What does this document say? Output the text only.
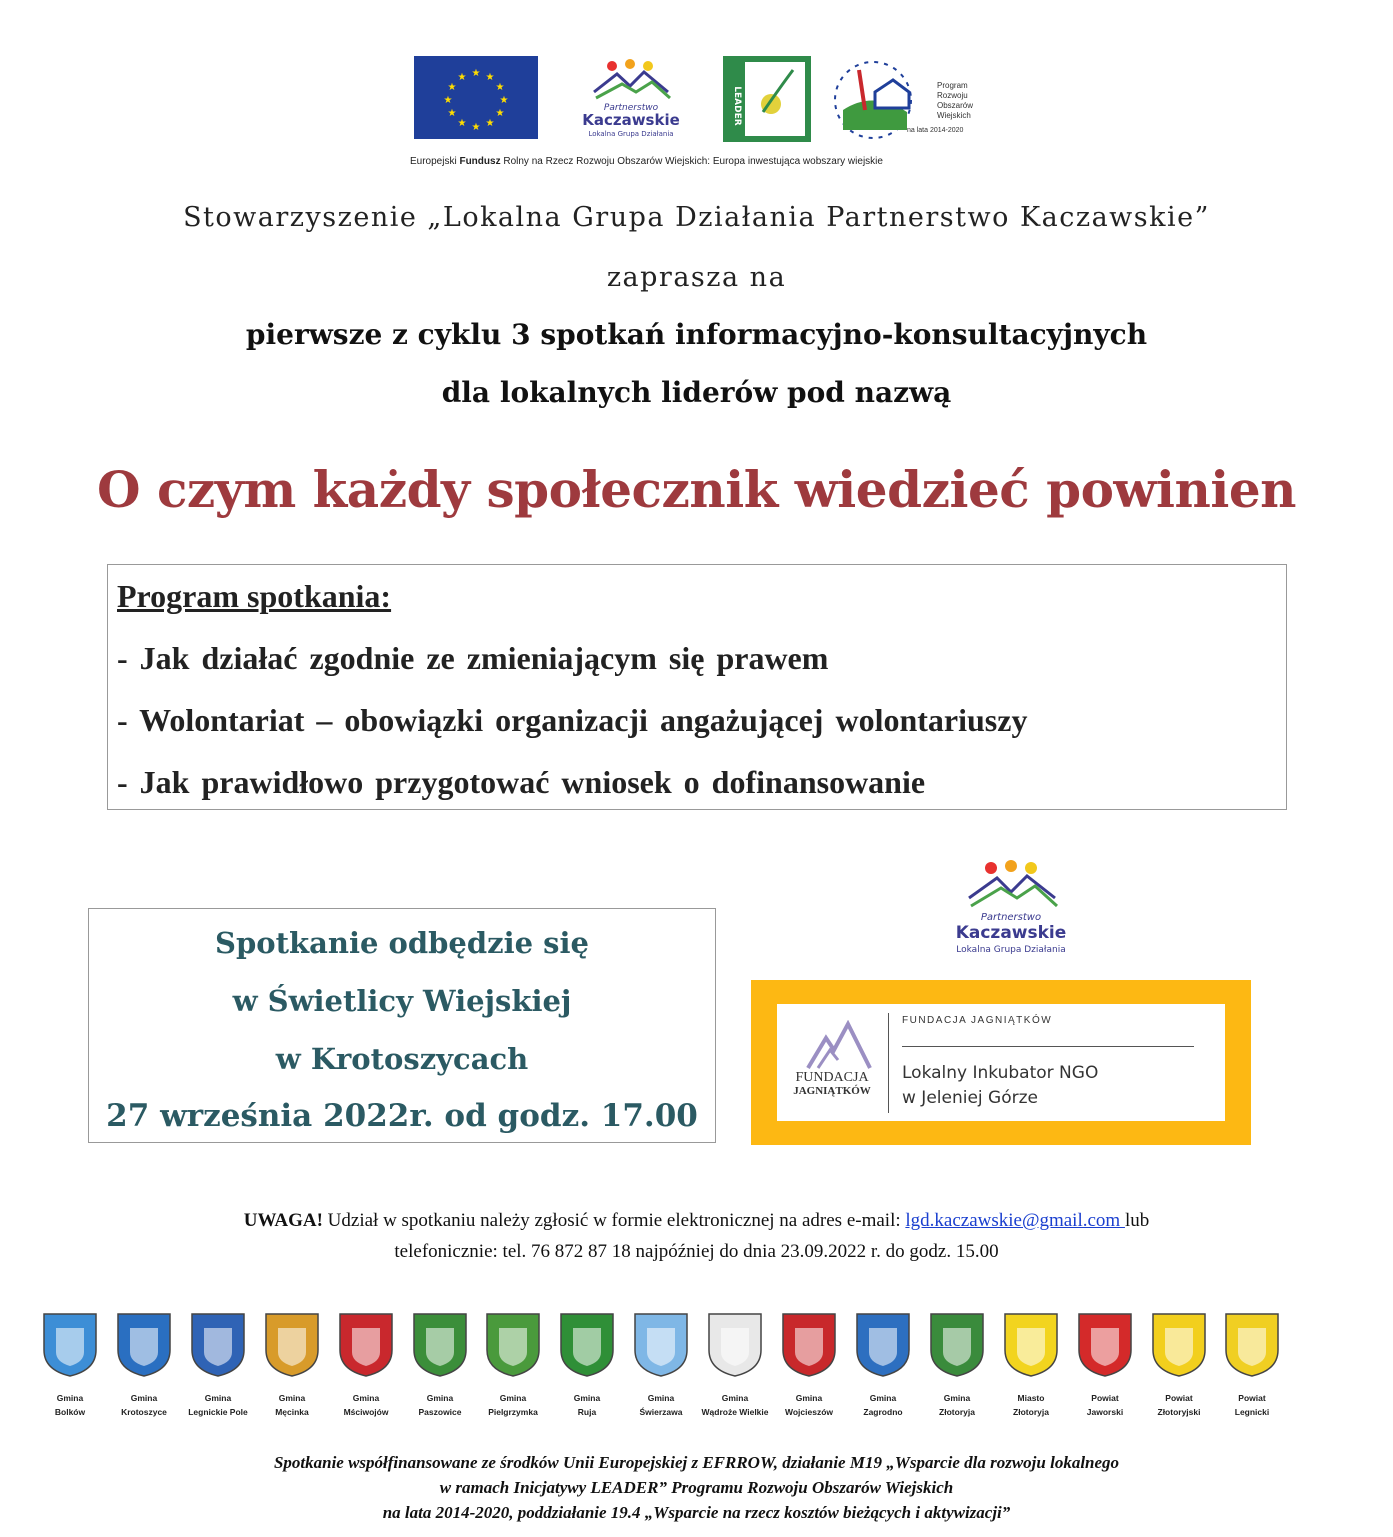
★ ★
★
★
★
★
★
★
★
★
★
★
Partnerstwo
Kaczawskie
Lokalna Grupa Działania
LEADER
Program
Rozwoju
Obszarów
Wiejskich
na lata 2014-2020
Europejski Fundusz Rolny na Rzecz Rozwoju Obszarów Wiejskich: Europa inwestująca wobszary wiejskie
Stowarzyszenie „Lokalna Grupa Działania Partnerstwo Kaczawskie”
zaprasza na
pierwsze z cyklu 3 spotkań informacyjno-konsultacyjnych
dla lokalnych liderów pod nazwą
O czym każdy społecznik wiedzieć powinien
Program spotkania:
- Jak działać zgodnie ze zmieniającym się prawem
- Wolontariat – obowiązki organizacji angażującej wolontariuszy
- Jak prawidłowo przygotować wniosek o dofinansowanie
Spotkanie odbędzie się
w Świetlicy Wiejskiej
w Krotoszycach
27 września 2022r. od godz. 17.00
Partnerstwo
Kaczawskie
Lokalna Grupa Działania
FUNDACJA
JAGNIĄTKÓW
FUNDACJA JAGNIĄTKÓW
Lokalny Inkubator NGO
w Jeleniej Górze
UWAGA! Udział w spotkaniu należy zgłosić w formie elektronicznej na adres e-mail: lgd.kaczawskie@gmail.com lub
telefonicznie: tel. 76 872 87 18 najpóźniej do dnia 23.09.2022 r. do godz. 15.00
Gmina
Bolków
Gmina
Krotoszyce
Gmina
Legnickie Pole
Gmina
Męcinka
Gmina
Mściwojów
Gmina
Paszowice
Gmina
Pielgrzymka
Gmina
Ruja
Gmina
Świerzawa
Gmina
Wądroże Wielkie
Gmina
Wojcieszów
Gmina
Zagrodno
Gmina
Złotoryja
Miasto
Złotoryja
Powiat
Jaworski
Powiat
Złotoryjski
Powiat
Legnicki
Spotkanie współfinansowane ze środków Unii Europejskiej z EFRROW, działanie M19 „Wsparcie dla rozwoju lokalnego
w ramach Inicjatywy LEADER” Programu Rozwoju Obszarów Wiejskich
na lata 2014-2020, poddziałanie 19.4 „Wsparcie na rzecz kosztów bieżących i aktywizacji”
